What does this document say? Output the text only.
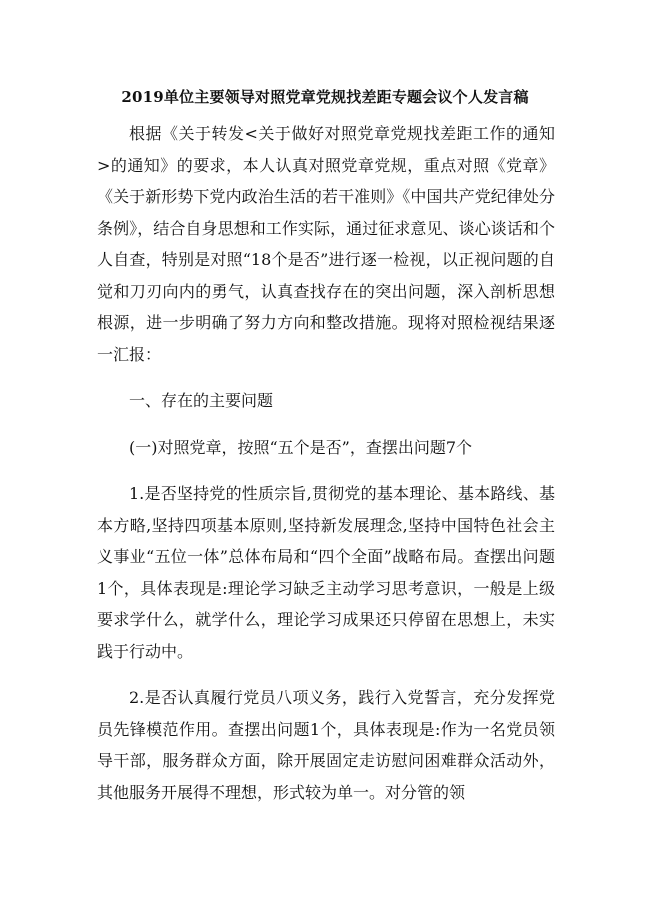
2019单位主要领导对照党章党规找差距专题会议个人发言稿

根据《关于转发<关于做好对照党章党规找差距工作的通知>的通知》的要求，本人认真对照党章党规，重点对照《党章》《关于新形势下党内政治生活的若干准则》《中国共产党纪律处分条例》，结合自身思想和工作实际，通过征求意见、谈心谈话和个人自查，特别是对照“18个是否”进行逐一检视，以正视问题的自觉和刀刃向内的勇气，认真查找存在的突出问题，深入剖析思想根源，进一步明确了努力方向和整改措施。现将对照检视结果逐一汇报：

一、存在的主要问题

(一)对照党章，按照“五个是否”，查摆出问题7个

1.是否坚持党的性质宗旨,贯彻党的基本理论、基本路线、基本方略,坚持四项基本原则,坚持新发展理念,坚持中国特色社会主义事业“五位一体”总体布局和“四个全面”战略布局。查摆出问题1个，具体表现是:理论学习缺乏主动学习思考意识，一般是上级要求学什么，就学什么，理论学习成果还只停留在思想上，未实践于行动中。

2.是否认真履行党员八项义务，践行入党誓言，充分发挥党员先锋模范作用。查摆出问题1个，具体表现是:作为一名党员领导干部，服务群众方面，除开展固定走访慰问困难群众活动外，其他服务开展得不理想，形式较为单一。对分管的领
